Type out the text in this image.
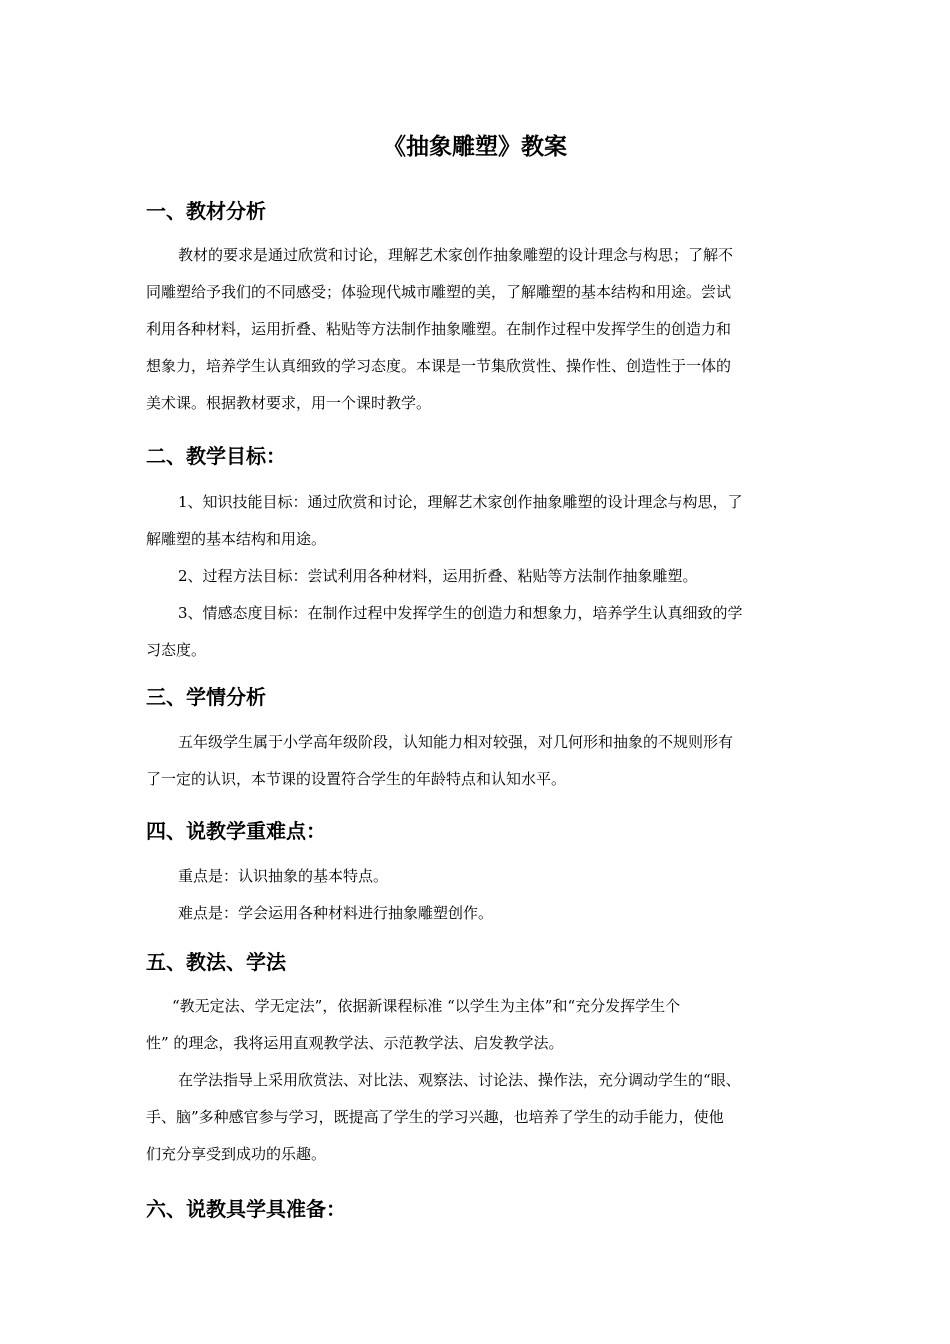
《抽象雕塑》教案
一、教材分析
教材的要求是通过欣赏和讨论，理解艺术家创作抽象雕塑的设计理念与构思；了解不
同雕塑给予我们的不同感受；体验现代城市雕塑的美，了解雕塑的基本结构和用途。尝试
利用各种材料，运用折叠、粘贴等方法制作抽象雕塑。在制作过程中发挥学生的创造力和
想象力，培养学生认真细致的学习态度。本课是一节集欣赏性、操作性、创造性于一体的
美术课。根据教材要求，用一个课时教学。
二、教学目标：
1、知识技能目标：通过欣赏和讨论，理解艺术家创作抽象雕塑的设计理念与构思，了
解雕塑的基本结构和用途。
2、过程方法目标：尝试利用各种材料，运用折叠、粘贴等方法制作抽象雕塑。
3、情感态度目标：在制作过程中发挥学生的创造力和想象力，培养学生认真细致的学
习态度。
三、学情分析
五年级学生属于小学高年级阶段，认知能力相对较强，对几何形和抽象的不规则形有
了一定的认识，本节课的设置符合学生的年龄特点和认知水平。
四、说教学重难点：
重点是：认识抽象的基本特点。
难点是：学会运用各种材料进行抽象雕塑创作。
五、教法、学法
“教无定法、学无定法”，依据新课程标准 “以学生为主体”和“充分发挥学生个
性” 的理念，我将运用直观教学法、示范教学法、启发教学法。
在学法指导上采用欣赏法、对比法、观察法、讨论法、操作法，充分调动学生的“眼、
手、脑”多种感官参与学习，既提高了学生的学习兴趣，也培养了学生的动手能力，使他
们充分享受到成功的乐趣。
六、说教具学具准备：
